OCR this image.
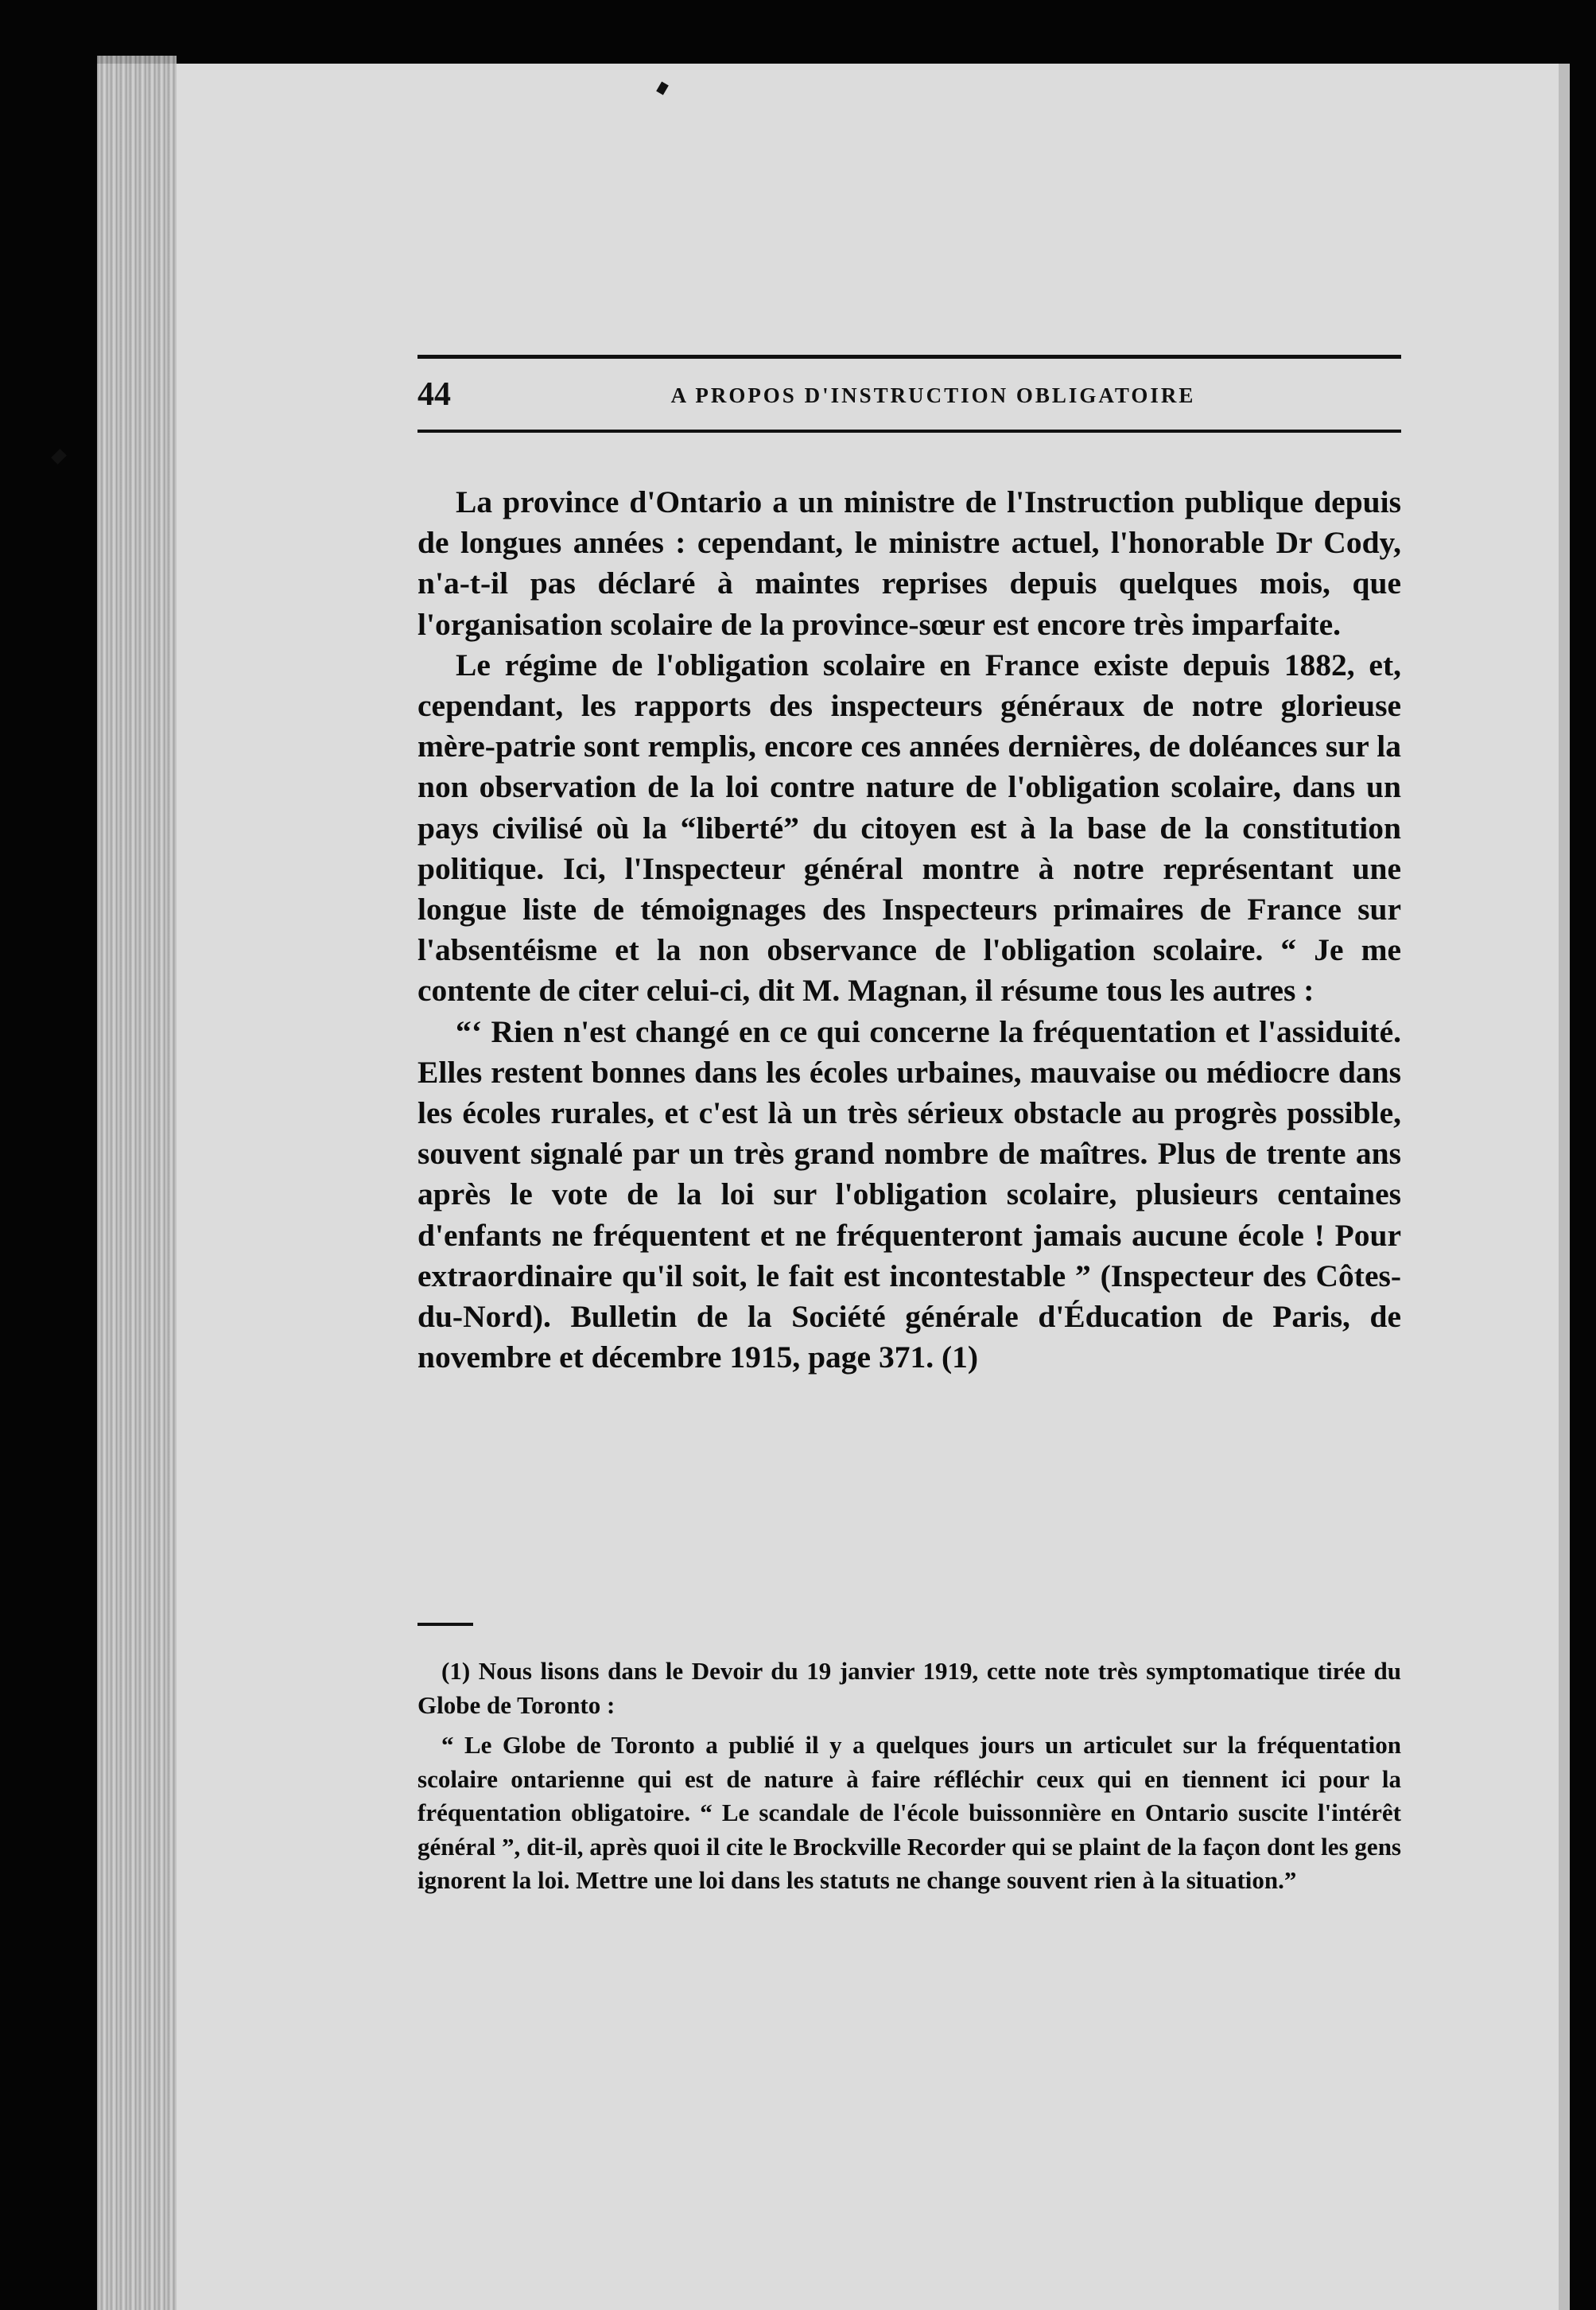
44	A PROPOS D'INSTRUCTION OBLIGATOIRE

La province d'Ontario a un ministre de l'Instruction publique depuis de longues années : cependant, le ministre actuel, l'honorable Dr Cody, n'a-t-il pas déclaré à maintes reprises depuis quelques mois, que l'organisation scolaire de la province-sœur est encore très imparfaite.

Le régime de l'obligation scolaire en France existe depuis 1882, et, cependant, les rapports des inspecteurs généraux de notre glorieuse mère-patrie sont remplis, encore ces années dernières, de doléances sur la non observation de la loi contre nature de l'obligation scolaire, dans un pays civilisé où la “liberté” du citoyen est à la base de la constitution politique. Ici, l'Inspecteur général montre à notre représentant une longue liste de témoignages des Inspecteurs primaires de France sur l'absentéisme et la non observance de l'obligation scolaire. “ Je me contente de citer celui-ci, dit M. Magnan, il résume tous les autres :

“‘ Rien n'est changé en ce qui concerne la fréquentation et l'assiduité. Elles restent bonnes dans les écoles urbaines, mauvaise ou médiocre dans les écoles rurales, et c'est là un très sérieux obstacle au progrès possible, souvent signalé par un très grand nombre de maîtres. Plus de trente ans après le vote de la loi sur l'obligation scolaire, plusieurs centaines d'enfants ne fréquentent et ne fréquenteront jamais aucune école ! Pour extraordinaire qu'il soit, le fait est incontestable ” (Inspecteur des Côtes-du-Nord). Bulletin de la Société générale d'Éducation de Paris, de novembre et décembre 1915, page 371. (1)

(1) Nous lisons dans le Devoir du 19 janvier 1919, cette note très symptomatique tirée du Globe de Toronto :

“ Le Globe de Toronto a publié il y a quelques jours un articulet sur la fréquentation scolaire ontarienne qui est de nature à faire réfléchir ceux qui en tiennent ici pour la fréquentation obligatoire. “ Le scandale de l'école buissonnière en Ontario suscite l'intérêt général ”, dit-il, après quoi il cite le Brockville Recorder qui se plaint de la façon dont les gens ignorent la loi. Mettre une loi dans les statuts ne change souvent rien à la situation.”
